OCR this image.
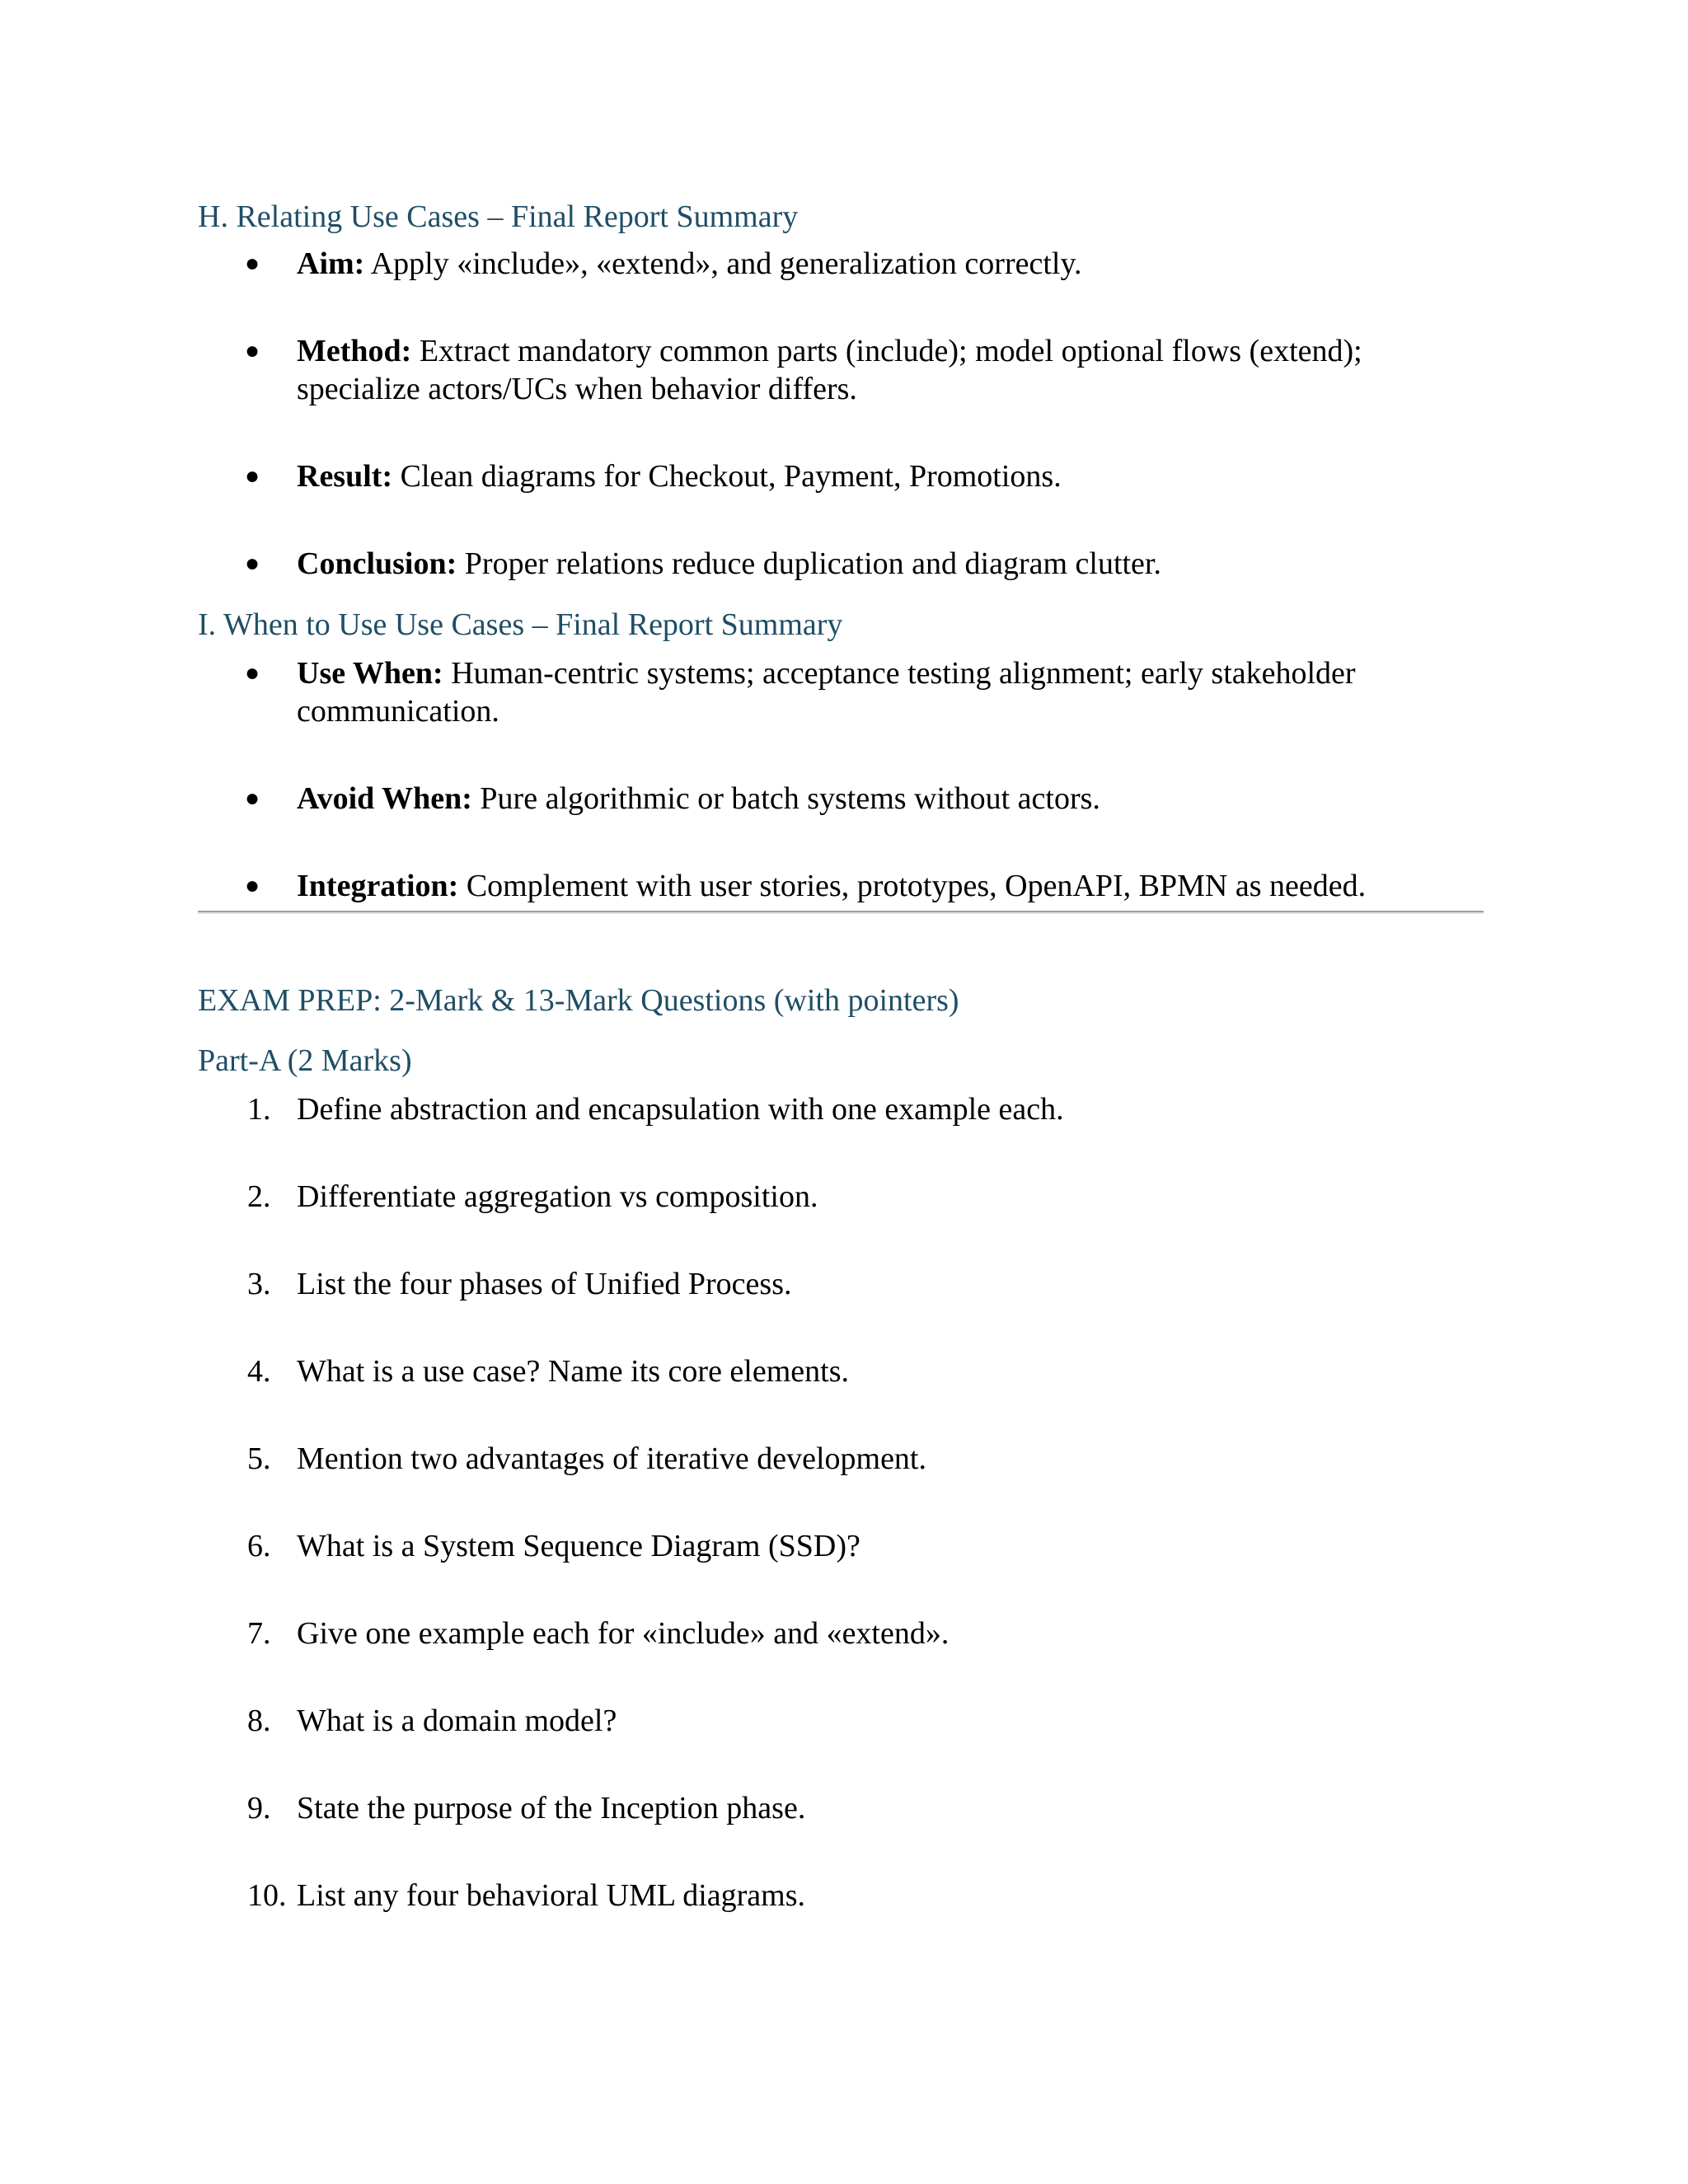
H. Relating Use Cases – Final Report Summary
● Aim: Apply «include», «extend», and generalization correctly.
● Method: Extract mandatory common parts (include); model optional flows (extend); specialize actors/UCs when behavior differs.
● Result: Clean diagrams for Checkout, Payment, Promotions.
● Conclusion: Proper relations reduce duplication and diagram clutter.
I. When to Use Use Cases – Final Report Summary
● Use When: Human-centric systems; acceptance testing alignment; early stakeholder communication.
● Avoid When: Pure algorithmic or batch systems without actors.
● Integration: Complement with user stories, prototypes, OpenAPI, BPMN as needed.
EXAM PREP: 2-Mark & 13-Mark Questions (with pointers)
Part-A (2 Marks)
1. Define abstraction and encapsulation with one example each.
2. Differentiate aggregation vs composition.
3. List the four phases of Unified Process.
4. What is a use case? Name its core elements.
5. Mention two advantages of iterative development.
6. What is a System Sequence Diagram (SSD)?
7. Give one example each for «include» and «extend».
8. What is a domain model?
9. State the purpose of the Inception phase.
10. List any four behavioral UML diagrams.
